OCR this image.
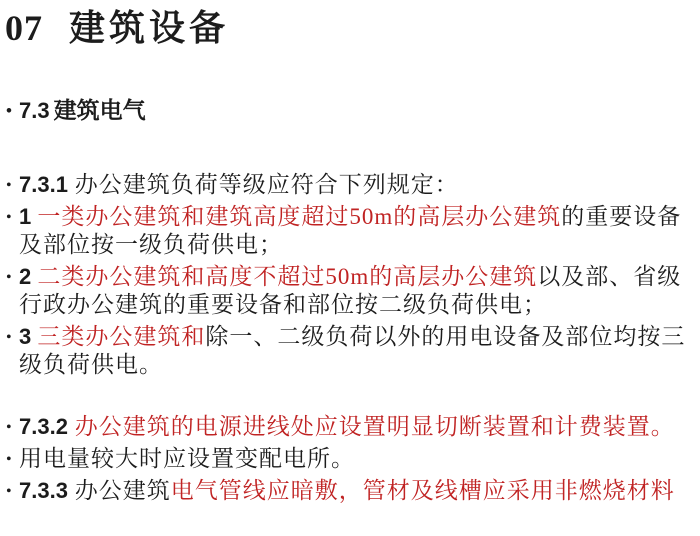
07 建筑设备
• 7.3 建筑电气
• 7.3.1 办公建筑负荷等级应符合下列规定：
• 1 一类办公建筑和建筑高度超过50m的高层办公建筑的重要设备及部位按一级负荷供电；
• 2 二类办公建筑和高度不超过50m的高层办公建筑以及部、省级行政办公建筑的重要设备和部位按二级负荷供电；
• 3 三类办公建筑和除一、二级负荷以外的用电设备及部位均按三级负荷供电。
• 7.3.2 办公建筑的电源进线处应设置明显切断装置和计费装置。
• 用电量较大时应设置变配电所。
• 7.3.3 办公建筑电气管线应暗敷，管材及线槽应采用非燃烧材料
